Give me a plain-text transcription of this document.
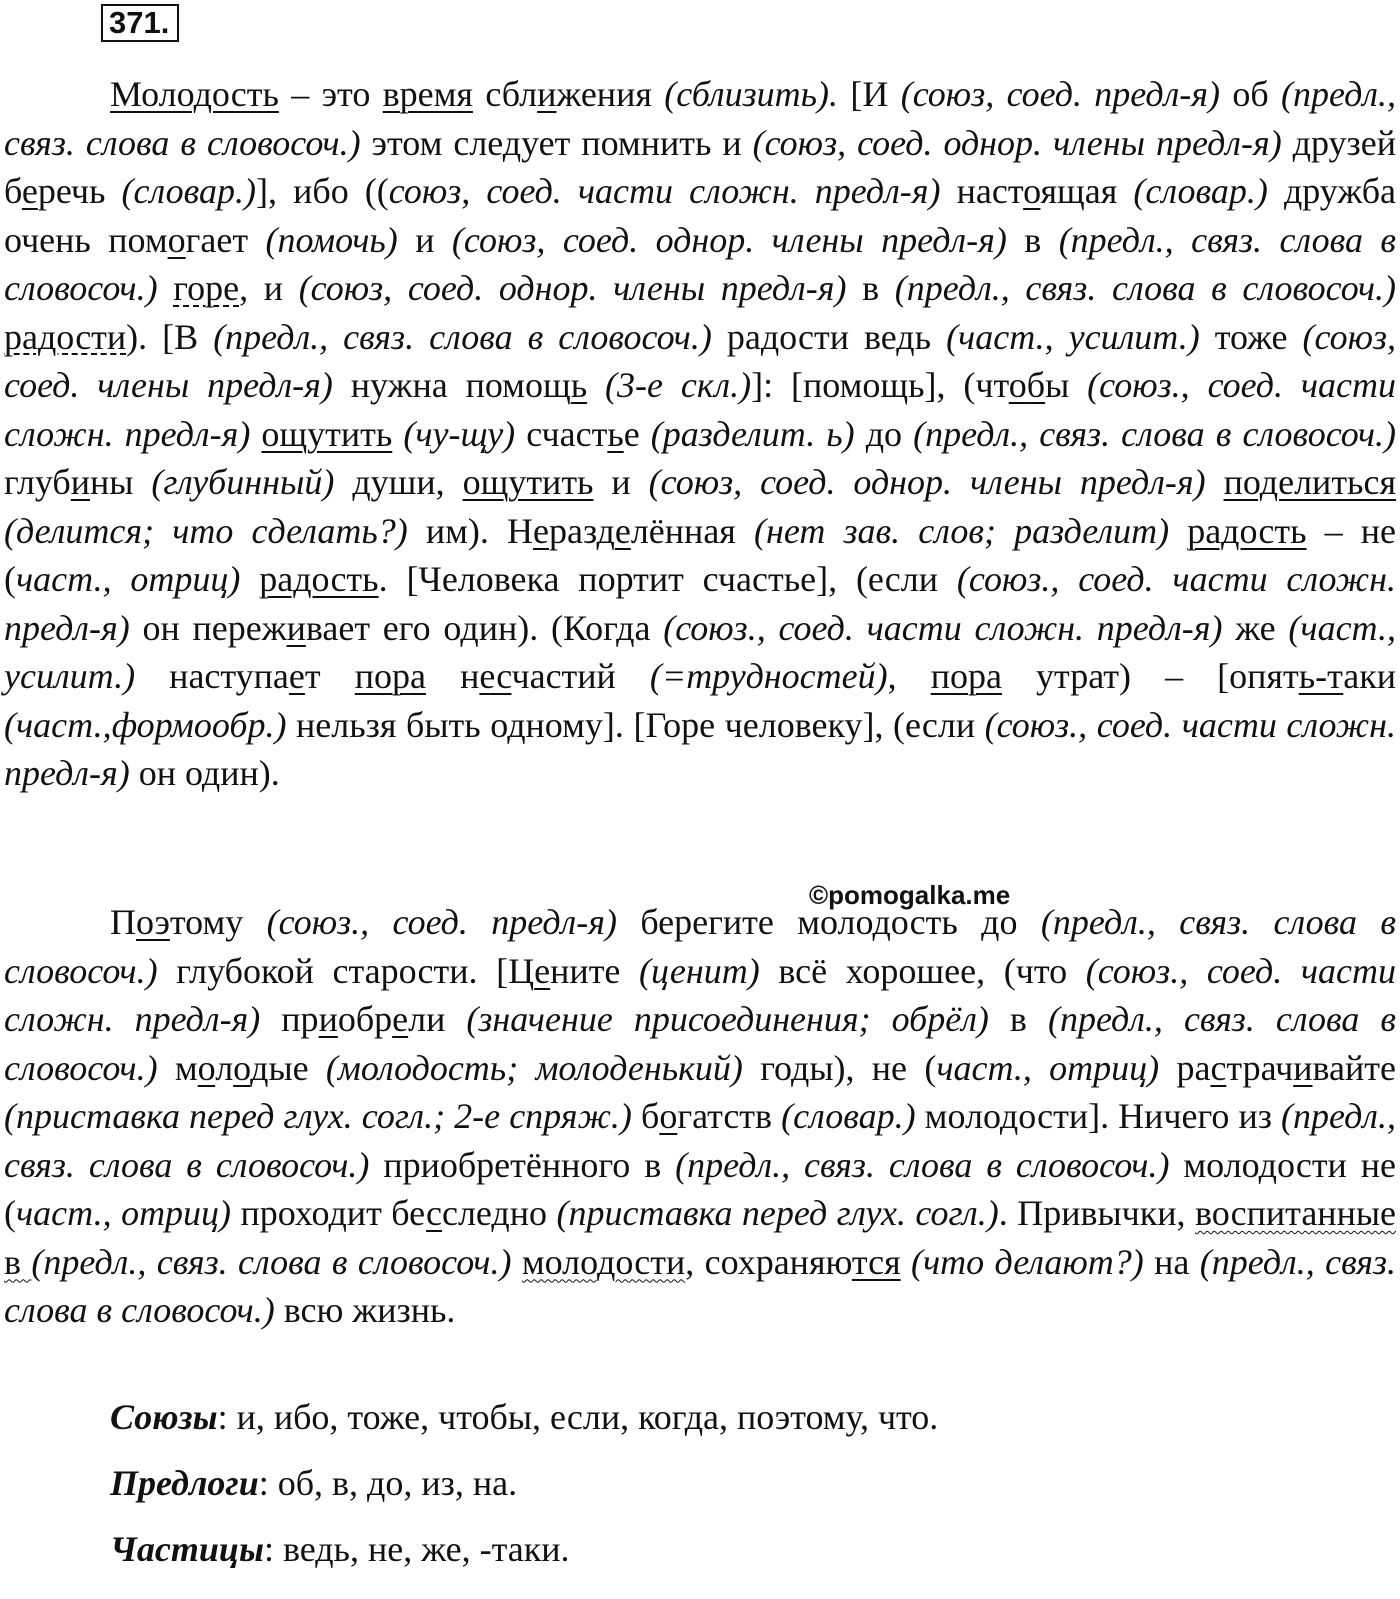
371.

Молодость – это время сближения (сблизить). [И (союз, соед. предл-я) об (предл., связ. слова в словосоч.) этом следует помнить и (союз, соед. однор. члены предл-я) друзей беречь (словар.)], ибо ((союз, соед. части сложн. предл-я) настоящая (словар.) дружба очень помогает (помочь) и (союз, соед. однор. члены предл-я) в (предл., связ. слова в словосоч.) горе, и (союз, соед. однор. члены предл-я) в (предл., связ. слова в словосоч.) радости). [В (предл., связ. слова в словосоч.) радости ведь (част., усилит.) тоже (союз, соед. члены предл-я) нужна помощь (3-е скл.)]: [помощь], (чтобы (союз., соед. части сложн. предл-я) ощутить (чу-щу) счастье (разделит. ь) до (предл., связ. слова в словосоч.) глубины (глубинный) души, ощутить и (союз, соед. однор. члены предл-я) поделиться (делится; что сделать?) им). Неразделённая (нет зав. слов; разделит) радость – не (част., отриц) радость. [Человека портит счастье], (если (союз., соед. части сложн. предл-я) он переживает его один). (Когда (союз., соед. части сложн. предл-я) же (част., усилит.) наступает пора несчастий (=трудностей), пора утрат) – [опять-таки (част.,формообр.) нельзя быть одному]. [Горе человеку], (если (союз., соед. части сложн. предл-я) он один).

©pomogalka.me

Поэтому (союз., соед. предл-я) берегите молодость до (предл., связ. слова в словосоч.) глубокой старости. [Цените (ценит) всё хорошее, (что (союз., соед. части сложн. предл-я) приобрели (значение присоединения; обрёл) в (предл., связ. слова в словосоч.) молодые (молодость; молоденький) годы), не (част., отриц) растрачивайте (приставка перед глух. согл.; 2-е спряж.) богатств (словар.) молодости]. Ничего из (предл., связ. слова в словосоч.) приобретённого в (предл., связ. слова в словосоч.) молодости не (част., отриц) проходит бесследно (приставка перед глух. согл.). Привычки, воспитанные в (предл., связ. слова в словосоч.) молодости, сохраняются (что делают?) на (предл., связ. слова в словосоч.) всю жизнь.

Союзы: и, ибо, тоже, чтобы, если, когда, поэтому, что.

Предлоги: об, в, до, из, на.

Частицы: ведь, не, же, -таки.
